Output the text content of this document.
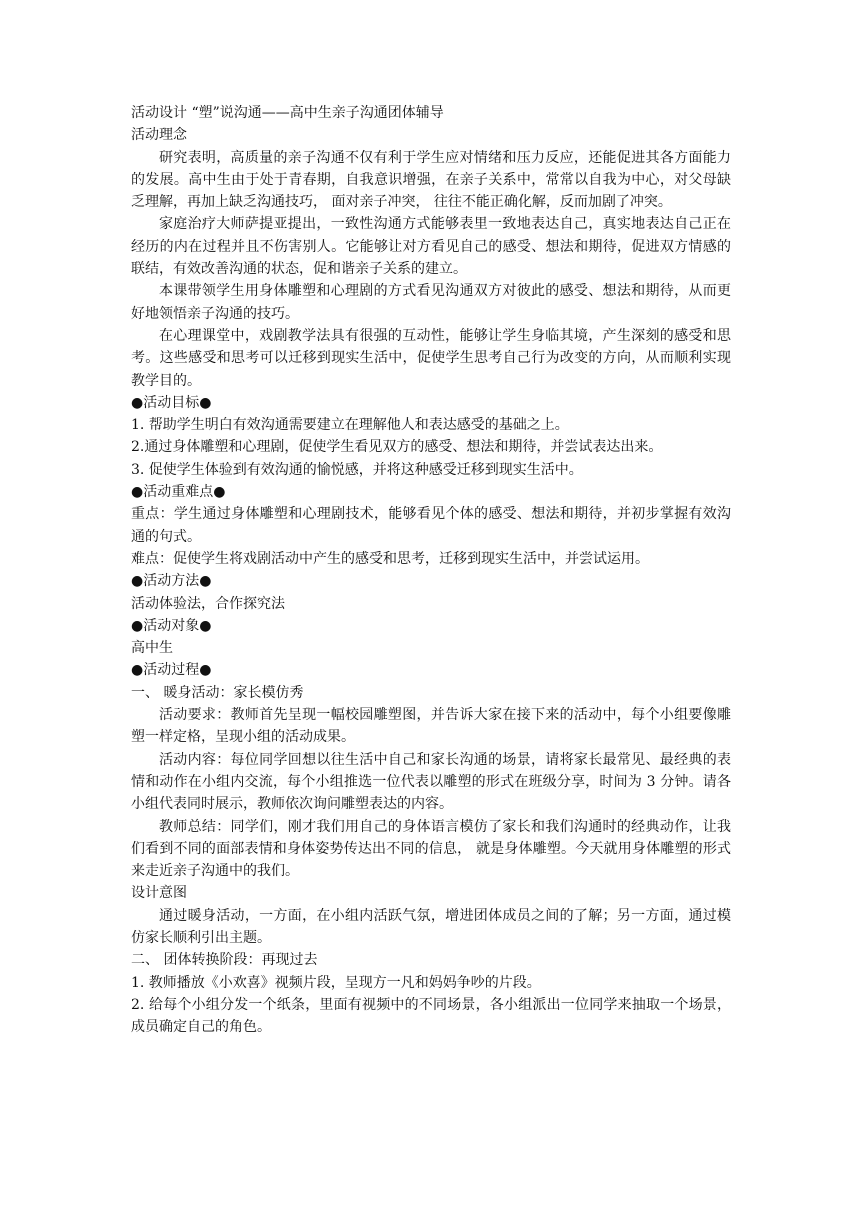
活动设计 “塑”说沟通——高中生亲子沟通团体辅导

活动理念

研究表明，高质量的亲子沟通不仅有利于学生应对情绪和压力反应，还能促进其各方面能力的发展。高中生由于处于青春期，自我意识增强，在亲子关系中，常常以自我为中心，对父母缺乏理解，再加上缺乏沟通技巧， 面对亲子冲突， 往往不能正确化解，反而加剧了冲突。

家庭治疗大师萨提亚提出，一致性沟通方式能够表里一致地表达自己，真实地表达自己正在经历的内在过程并且不伤害别人。它能够让对方看见自己的感受、想法和期待，促进双方情感的联结，有效改善沟通的状态，促和谐亲子关系的建立。

本课带领学生用身体雕塑和心理剧的方式看见沟通双方对彼此的感受、想法和期待，从而更好地领悟亲子沟通的技巧。

在心理课堂中，戏剧教学法具有很强的互动性，能够让学生身临其境，产生深刻的感受和思考。这些感受和思考可以迁移到现实生活中，促使学生思考自己行为改变的方向，从而顺利实现教学目的。

●活动目标●

1. 帮助学生明白有效沟通需要建立在理解他人和表达感受的基础之上。

2.通过身体雕塑和心理剧，促使学生看见双方的感受、想法和期待，并尝试表达出来。

3. 促使学生体验到有效沟通的愉悦感，并将这种感受迁移到现实生活中。

●活动重难点●

重点：学生通过身体雕塑和心理剧技术，能够看见个体的感受、想法和期待，并初步掌握有效沟通的句式。

难点：促使学生将戏剧活动中产生的感受和思考，迁移到现实生活中，并尝试运用。

●活动方法●

活动体验法，合作探究法

●活动对象●

高中生

●活动过程●

一、 暖身活动：家长模仿秀

活动要求：教师首先呈现一幅校园雕塑图，并告诉大家在接下来的活动中，每个小组要像雕塑一样定格，呈现小组的活动成果。

活动内容：每位同学回想以往生活中自己和家长沟通的场景，请将家长最常见、最经典的表情和动作在小组内交流，每个小组推选一位代表以雕塑的形式在班级分享，时间为 3 分钟。请各小组代表同时展示，教师依次询问雕塑表达的内容。

教师总结：同学们，刚才我们用自己的身体语言模仿了家长和我们沟通时的经典动作，让我们看到不同的面部表情和身体姿势传达出不同的信息， 就是身体雕塑。今天就用身体雕塑的形式来走近亲子沟通中的我们。

设计意图

通过暖身活动，一方面，在小组内活跃气氛，增进团体成员之间的了解；另一方面，通过模仿家长顺利引出主题。

二、 团体转换阶段：再现过去

1. 教师播放《小欢喜》视频片段，呈现方一凡和妈妈争吵的片段。

2. 给每个小组分发一个纸条，里面有视频中的不同场景，各小组派出一位同学来抽取一个场景，成员确定自己的角色。
